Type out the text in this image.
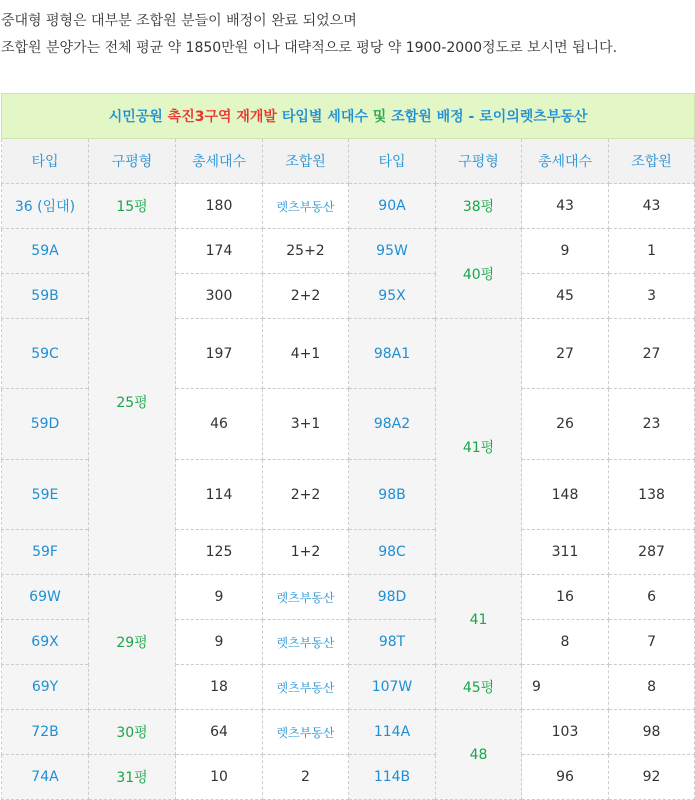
중대형 평형은 대부분 조합원 분들이 배정이 완료 되었으며

조합원 분양가는 전체 평균 약 1850만원 이나 대략적으로 평당 약 1900-2000정도로 보시면 됩니다.

시민공원 촉진3구역 재개발 타입별 세대수 및 조합원 배정 - 로이의렛츠부동산							
타입	구평형	총세대수	조합원	타입	구평형	총세대수	조합원
36 (임대)	15평	180	렛츠부동산	90A	38평	43	43
59A	25평	174	25+2	95W	40평	9	1
59B		300	2+2	95X		45	3
59C		197	4+1	98A1	41평	27	27
59D		46	3+1	98A2		26	23
59E		114	2+2	98B		148	138
59F		125	1+2	98C		311	287
69W	29평	9	렛츠부동산	98D	41	16	6
69X		9	렛츠부동산	98T		8	7
69Y		18	렛츠부동산	107W	45평	9	8
72B	30평	64	렛츠부동산	114A	48	103	98
74A	31평	10	2	114B		96	92
